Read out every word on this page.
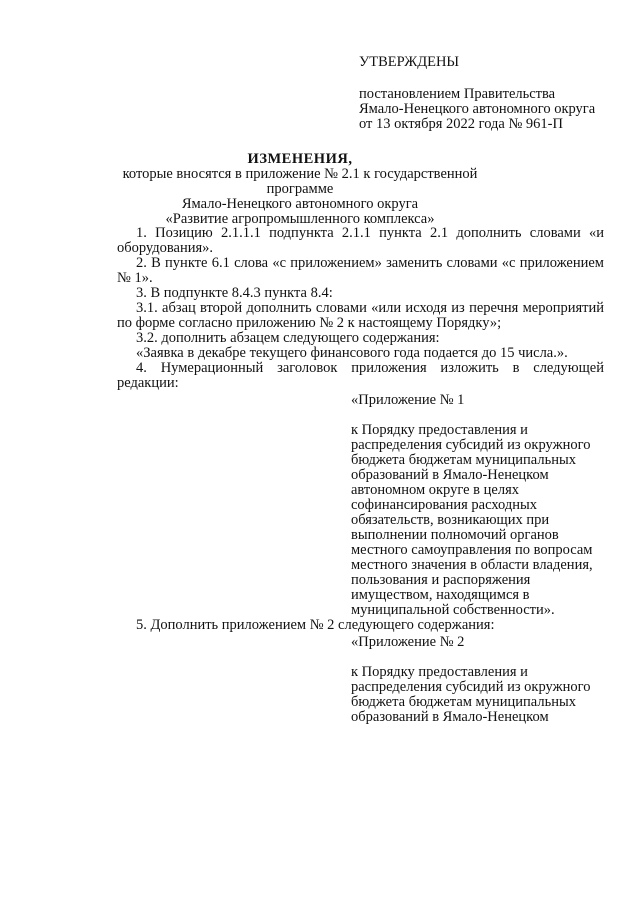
УТВЕРЖДЕНЫ
постановлением Правительства
Ямало-Ненецкого автономного округа
от 13 октября 2022 года № 961-П
ИЗМЕНЕНИЯ,
которые вносятся в приложение № 2.1 к государственной программе
Ямало-Ненецкого автономного округа
«Развитие агропромышленного комплекса»

1. Позицию 2.1.1.1 подпункта 2.1.1 пункта 2.1 дополнить словами «и оборудования».

2. В пункте 6.1 слова «с приложением» заменить словами «с приложением № 1».

3. В подпункте 8.4.3 пункта 8.4:

3.1. абзац второй дополнить словами «или исходя из перечня мероприятий по форме согласно приложению № 2 к настоящему Порядку»;

3.2. дополнить абзацем следующего содержания:

«Заявка в декабре текущего финансового года подается до 15 числа.».

4. Нумерационный заголовок приложения изложить в следующей редакции:

«Приложение № 1
к Порядку предоставления и
распределения субсидий из окружного
бюджета бюджетам муниципальных
образований в Ямало-Ненецком
автономном округе в целях
софинансирования расходных
обязательств, возникающих при
выполнении полномочий органов
местного самоуправления по вопросам
местного значения в области владения,
пользования и распоряжения
имуществом, находящимся в
муниципальной собственности».

5. Дополнить приложением № 2 следующего содержания:

«Приложение № 2
к Порядку предоставления и
распределения субсидий из окружного
бюджета бюджетам муниципальных
образований в Ямало-Ненецком
